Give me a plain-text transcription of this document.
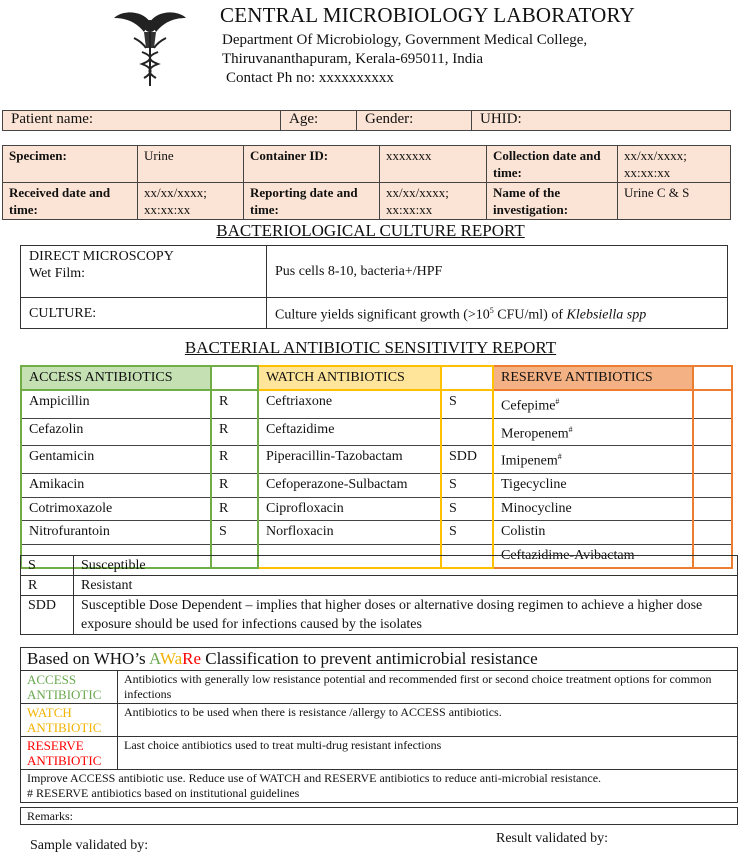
CENTRAL MICROBIOLOGY LABORATORY
Department Of Microbiology, Government Medical College,
Thiruvananthapuram, Kerala-695011, India
Contact Ph no: xxxxxxxxxx
Patient name:	Age:	Gender:	UHID:
Specimen:	Urine	Container ID:	xxxxxxx	Collection date and time:	xx/xx/xxxx; xx:xx:xx
Received date and time:	xx/xx/xxxx; xx:xx:xx	Reporting date and time:	xx/xx/xxxx; xx:xx:xx	Name of the investigation:	Urine C & S
BACTERIOLOGICAL CULTURE REPORT
DIRECT MICROSCOPY
Wet Film:	Pus cells 8-10, bacteria+/HPF
CULTURE:	Culture yields significant growth ($>10^5$ CFU/ml) of Klebsiella spp
BACTERIAL ANTIBIOTIC SENSITIVITY REPORT
ACCESS ANTIBIOTICS		WATCH ANTIBIOTICS		RESERVE ANTIBIOTICS	
Ampicillin	R	Ceftriaxone	S	Cefepime#	
Cefazolin	R	Ceftazidime		Meropenem#	
Gentamicin	R	Piperacillin-Tazobactam	SDD	Imipenem#	
Amikacin	R	Cefoperazone-Sulbactam	S	Tigecycline	
Cotrimoxazole	R	Ciprofloxacin	S	Minocycline	
Nitrofurantoin	S	Norfloxacin	S	Colistin	
				Ceftazidime-Avibactam	
S	Susceptible
R	Resistant
SDD	Susceptible Dose Dependent – implies that higher doses or alternative dosing regimen to achieve a higher dose exposure should be used for infections caused by the isolates
Based on WHO’s AWaRe Classification to prevent antimicrobial resistance	
ACCESS ANTIBIOTIC	Antibiotics with generally low resistance potential and recommended first or second choice treatment options for common infections
WATCH ANTIBIOTIC	Antibiotics to be used when there is resistance /allergy to ACCESS antibiotics.
RESERVE ANTIBIOTIC	Last choice antibiotics used to treat multi-drug resistant infections

Improve ACCESS antibiotic use. Reduce use of WATCH and RESERVE antibiotics to reduce anti-microbial resistance.
# RESERVE antibiotics based on institutional guidelines	
Remarks:
Sample validated by:	Result validated by:
